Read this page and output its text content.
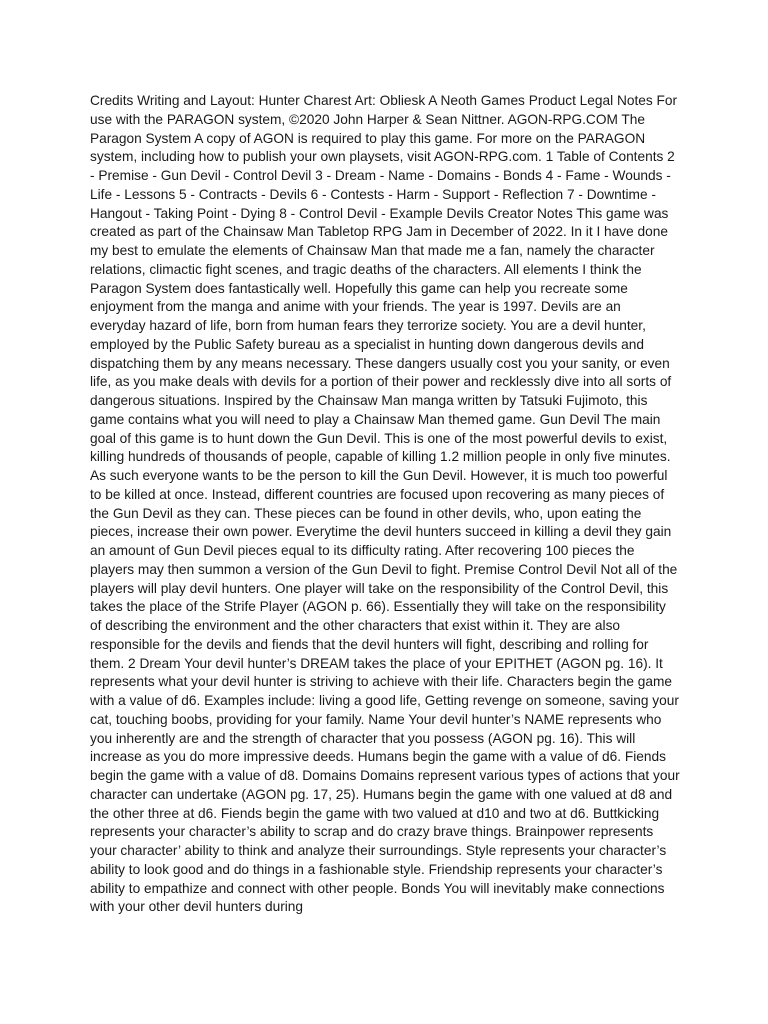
Credits Writing and Layout: Hunter Charest Art: Obliesk A Neoth Games Product Legal Notes For use with the PARAGON system, ©2020 John Harper & Sean Nittner. AGON-RPG.COM The Paragon System A copy of AGON is required to play this game. For more on the PARAGON system, including how to publish your own playsets, visit AGON-RPG.com. 1 Table of Contents 2 - Premise - Gun Devil - Control Devil 3 - Dream - Name - Domains - Bonds 4 - Fame - Wounds - Life - Lessons 5 - Contracts - Devils 6 - Contests - Harm - Support - Reflection 7 - Downtime - Hangout - Taking Point - Dying 8 - Control Devil - Example Devils Creator Notes This game was created as part of the Chainsaw Man Tabletop RPG Jam in December of 2022. In it I have done my best to emulate the elements of Chainsaw Man that made me a fan, namely the character relations, climactic fight scenes, and tragic deaths of the characters. All elements I think the Paragon System does fantastically well. Hopefully this game can help you recreate some enjoyment from the manga and anime with your friends. The year is 1997. Devils are an everyday hazard of life, born from human fears they terrorize society. You are a devil hunter, employed by the Public Safety bureau as a specialist in hunting down dangerous devils and dispatching them by any means necessary. These dangers usually cost you your sanity, or even life, as you make deals with devils for a portion of their power and recklessly dive into all sorts of dangerous situations. Inspired by the Chainsaw Man manga written by Tatsuki Fujimoto, this game contains what you will need to play a Chainsaw Man themed game. Gun Devil The main goal of this game is to hunt down the Gun Devil. This is one of the most powerful devils to exist, killing hundreds of thousands of people, capable of killing 1.2 million people in only five minutes. As such everyone wants to be the person to kill the Gun Devil. However, it is much too powerful to be killed at once. Instead, different countries are focused upon recovering as many pieces of the Gun Devil as they can. These pieces can be found in other devils, who, upon eating the pieces, increase their own power. Everytime the devil hunters succeed in killing a devil they gain an amount of Gun Devil pieces equal to its difficulty rating. After recovering 100 pieces the players may then summon a version of the Gun Devil to fight. Premise Control Devil Not all of the players will play devil hunters. One player will take on the responsibility of the Control Devil, this takes the place of the Strife Player (AGON p. 66). Essentially they will take on the responsibility of describing the environment and the other characters that exist within it. They are also responsible for the devils and fiends that the devil hunters will fight, describing and rolling for them. 2 Dream Your devil hunter’s DREAM takes the place of your EPITHET (AGON pg. 16). It represents what your devil hunter is striving to achieve with their life. Characters begin the game with a value of d6. Examples include: living a good life, Getting revenge on someone, saving your cat, touching boobs, providing for your family. Name Your devil hunter’s NAME represents who you inherently are and the strength of character that you possess (AGON pg. 16). This will increase as you do more impressive deeds. Humans begin the game with a value of d6. Fiends begin the game with a value of d8. Domains Domains represent various types of actions that your character can undertake (AGON pg. 17, 25). Humans begin the game with one valued at d8 and the other three at d6. Fiends begin the game with two valued at d10 and two at d6. Buttkicking represents your character’s ability to scrap and do crazy brave things. Brainpower represents your character’ ability to think and analyze their surroundings. Style represents your character’s ability to look good and do things in a fashionable style. Friendship represents your character’s ability to empathize and connect with other people. Bonds You will inevitably make connections with your other devil hunters during
